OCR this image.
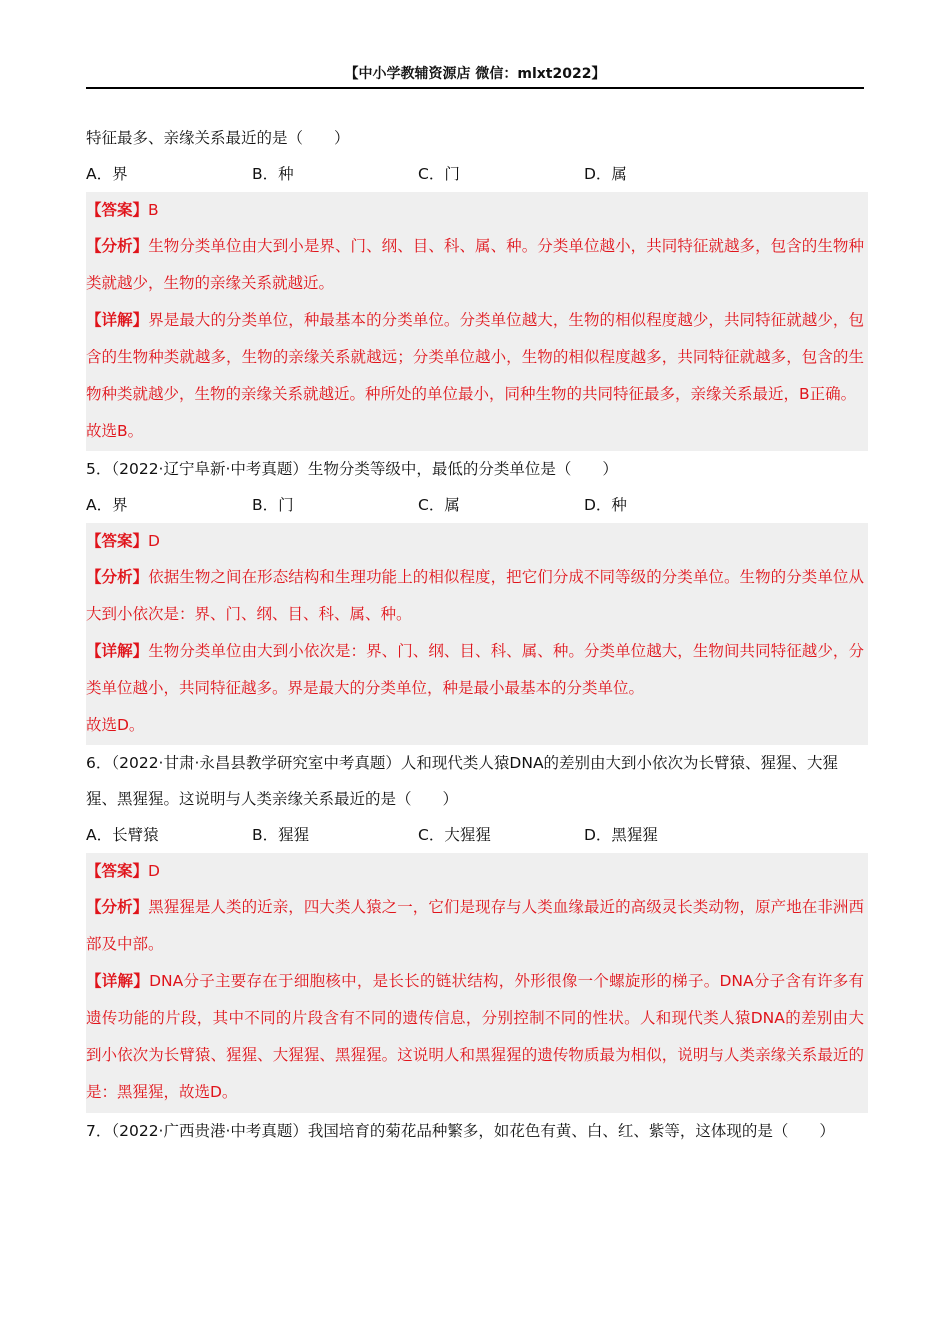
【中小学教辅资源店 微信：mlxt2022】
特征最多、亲缘关系最近的是（　　）
A．界	B．种	C．门	D．属
【答案】B
【分析】生物分类单位由大到小是界、门、纲、目、科、属、种。分类单位越小，共同特征就越多，包含的生物种类就越少，生物的亲缘关系就越近。
【详解】界是最大的分类单位，种最基本的分类单位。分类单位越大，生物的相似程度越少，共同特征就越少，包含的生物种类就越多，生物的亲缘关系就越远；分类单位越小，生物的相似程度越多，共同特征就越多，包含的生物种类就越少，生物的亲缘关系就越近。种所处的单位最小，同种生物的共同特征最多，亲缘关系最近，B正确。
故选B。
5．（2022·辽宁阜新·中考真题）生物分类等级中，最低的分类单位是（　　）
A．界	B．门	C．属	D．种
【答案】D
【分析】依据生物之间在形态结构和生理功能上的相似程度，把它们分成不同等级的分类单位。生物的分类单位从大到小依次是：界、门、纲、目、科、属、种。
【详解】生物分类单位由大到小依次是：界、门、纲、目、科、属、种。分类单位越大，生物间共同特征越少，分类单位越小，共同特征越多。界是最大的分类单位，种是最小最基本的分类单位。
故选D。
6．（2022·甘肃·永昌县教学研究室中考真题）人和现代类人猿DNA的差别由大到小依次为长臂猿、猩猩、大猩猩、黑猩猩。这说明与人类亲缘关系最近的是（　　）
A．长臂猿	B．猩猩	C．大猩猩	D．黑猩猩
【答案】D
【分析】黑猩猩是人类的近亲，四大类人猿之一，它们是现存与人类血缘最近的高级灵长类动物，原产地在非洲西部及中部。
【详解】DNA分子主要存在于细胞核中，是长长的链状结构，外形很像一个螺旋形的梯子。DNA分子含有许多有遗传功能的片段，其中不同的片段含有不同的遗传信息，分别控制不同的性状。人和现代类人猿DNA的差别由大到小依次为长臂猿、猩猩、大猩猩、黑猩猩。这说明人和黑猩猩的遗传物质最为相似，说明与人类亲缘关系最近的是：黑猩猩，故选D。
7．（2022·广西贵港·中考真题）我国培育的菊花品种繁多，如花色有黄、白、红、紫等，这体现的是（　　）
